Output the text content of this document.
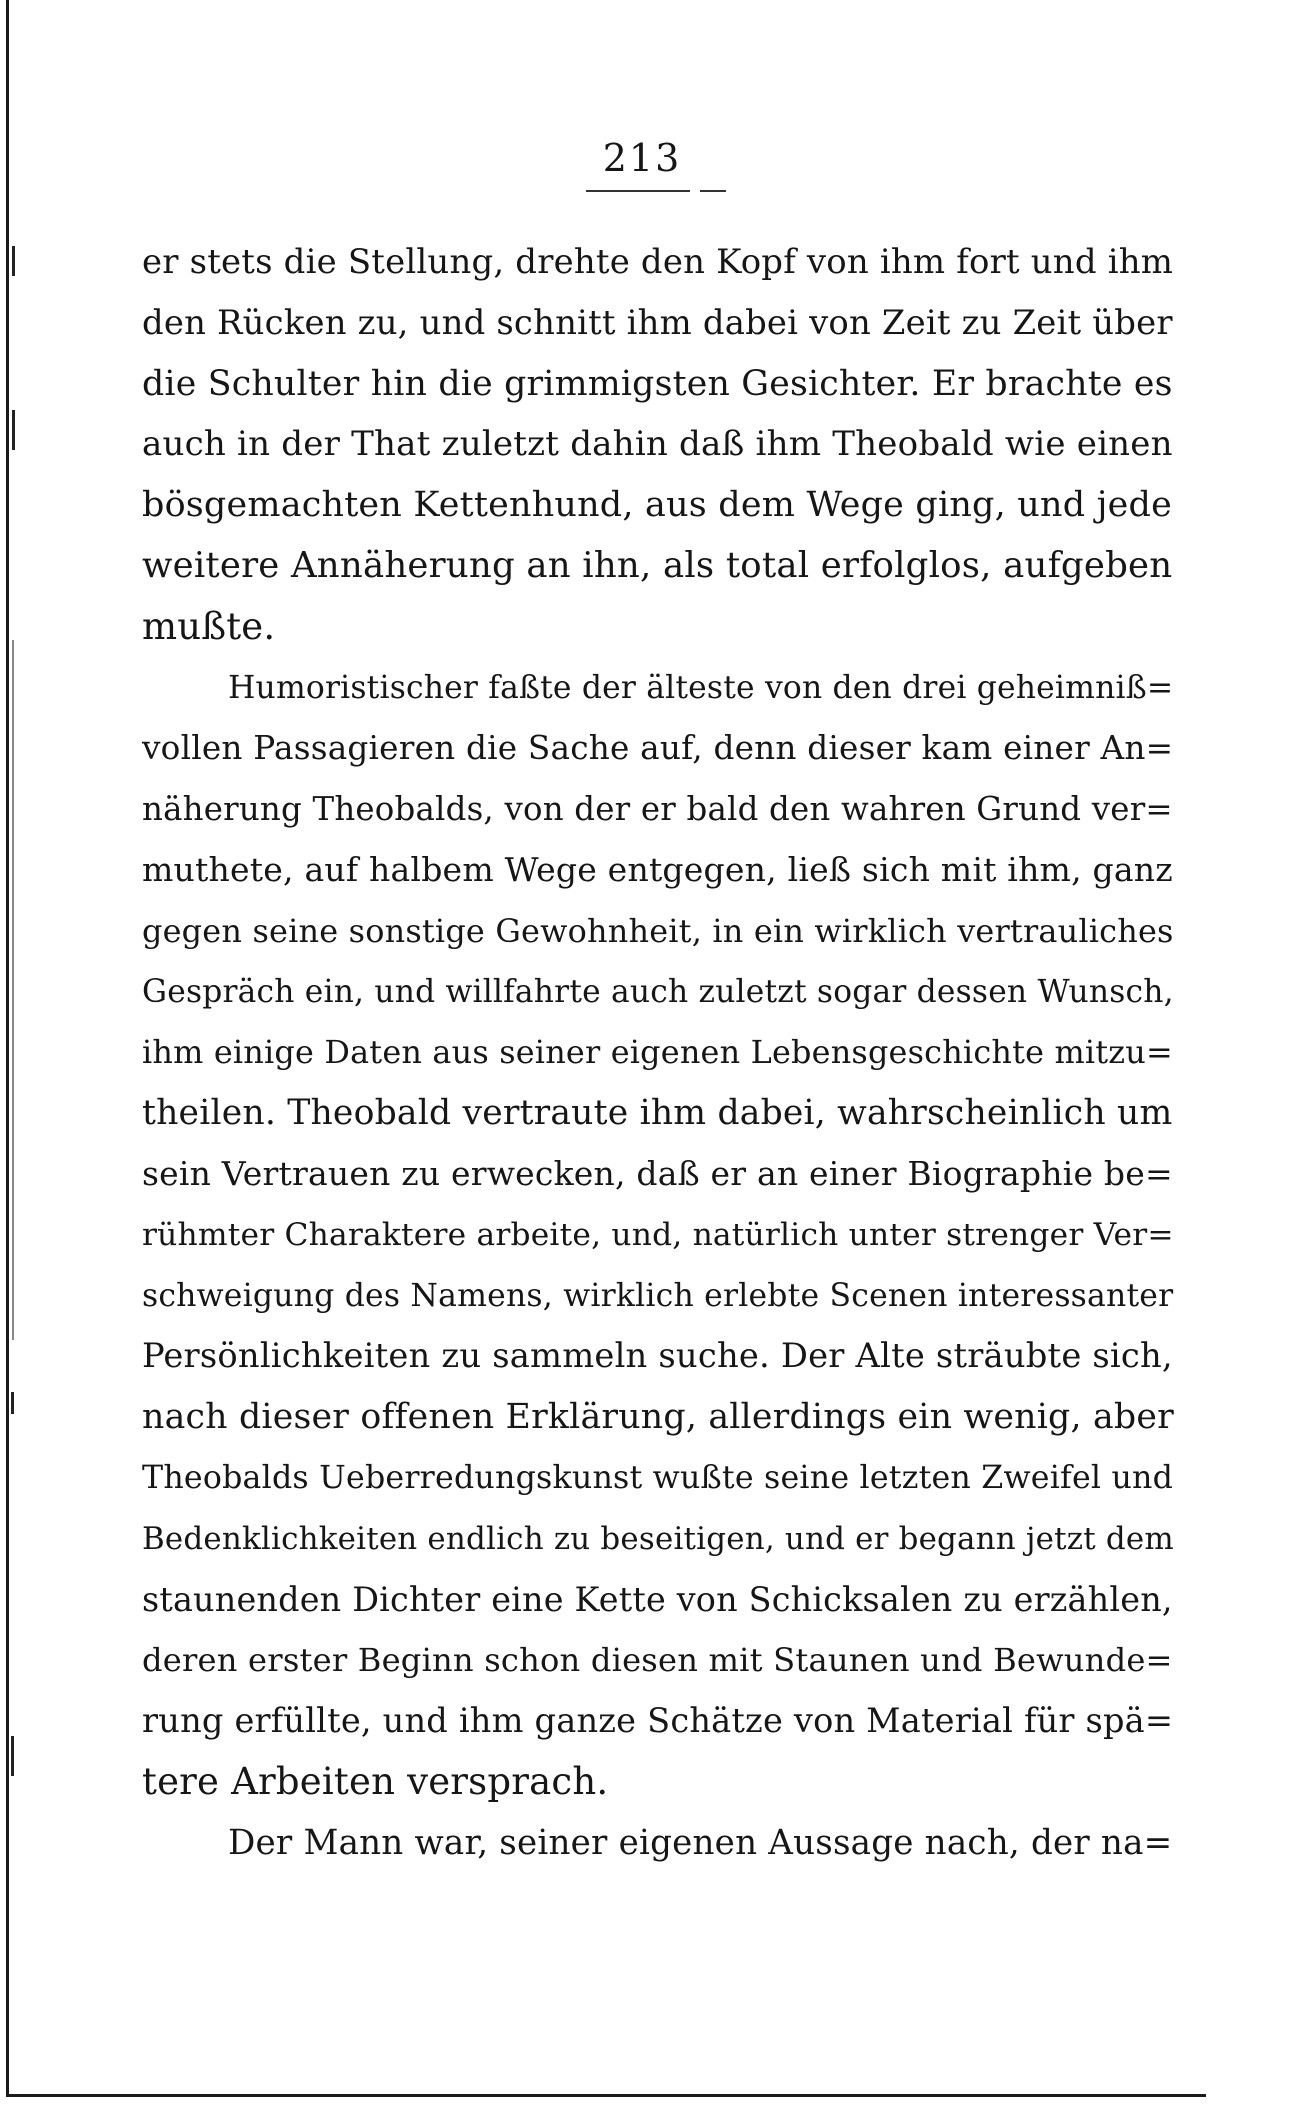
213
er stets die Stellung, drehte den Kopf von ihm fort und ihm
den Rücken zu, und schnitt ihm dabei von Zeit zu Zeit über
die Schulter hin die grimmigsten Gesichter. Er brachte es
auch in der That zuletzt dahin daß ihm Theobald wie einen
bösgemachten Kettenhund, aus dem Wege ging, und jede
weitere Annäherung an ihn, als total erfolglos, aufgeben
mußte.
Humoristischer faßte der älteste von den drei geheimniß=
vollen Passagieren die Sache auf, denn dieser kam einer An=
näherung Theobalds, von der er bald den wahren Grund ver=
muthete, auf halbem Wege entgegen, ließ sich mit ihm, ganz
gegen seine sonstige Gewohnheit, in ein wirklich vertrauliches
Gespräch ein, und willfahrte auch zuletzt sogar dessen Wunsch,
ihm einige Daten aus seiner eigenen Lebensgeschichte mitzu=
theilen. Theobald vertraute ihm dabei, wahrscheinlich um
sein Vertrauen zu erwecken, daß er an einer Biographie be=
rühmter Charaktere arbeite, und, natürlich unter strenger Ver=
schweigung des Namens, wirklich erlebte Scenen interessanter
Persönlichkeiten zu sammeln suche. Der Alte sträubte sich,
nach dieser offenen Erklärung, allerdings ein wenig, aber
Theobalds Ueberredungskunst wußte seine letzten Zweifel und
Bedenklichkeiten endlich zu beseitigen, und er begann jetzt dem
staunenden Dichter eine Kette von Schicksalen zu erzählen,
deren erster Beginn schon diesen mit Staunen und Bewunde=
rung erfüllte, und ihm ganze Schätze von Material für spä=
tere Arbeiten versprach.
Der Mann war, seiner eigenen Aussage nach, der na=
